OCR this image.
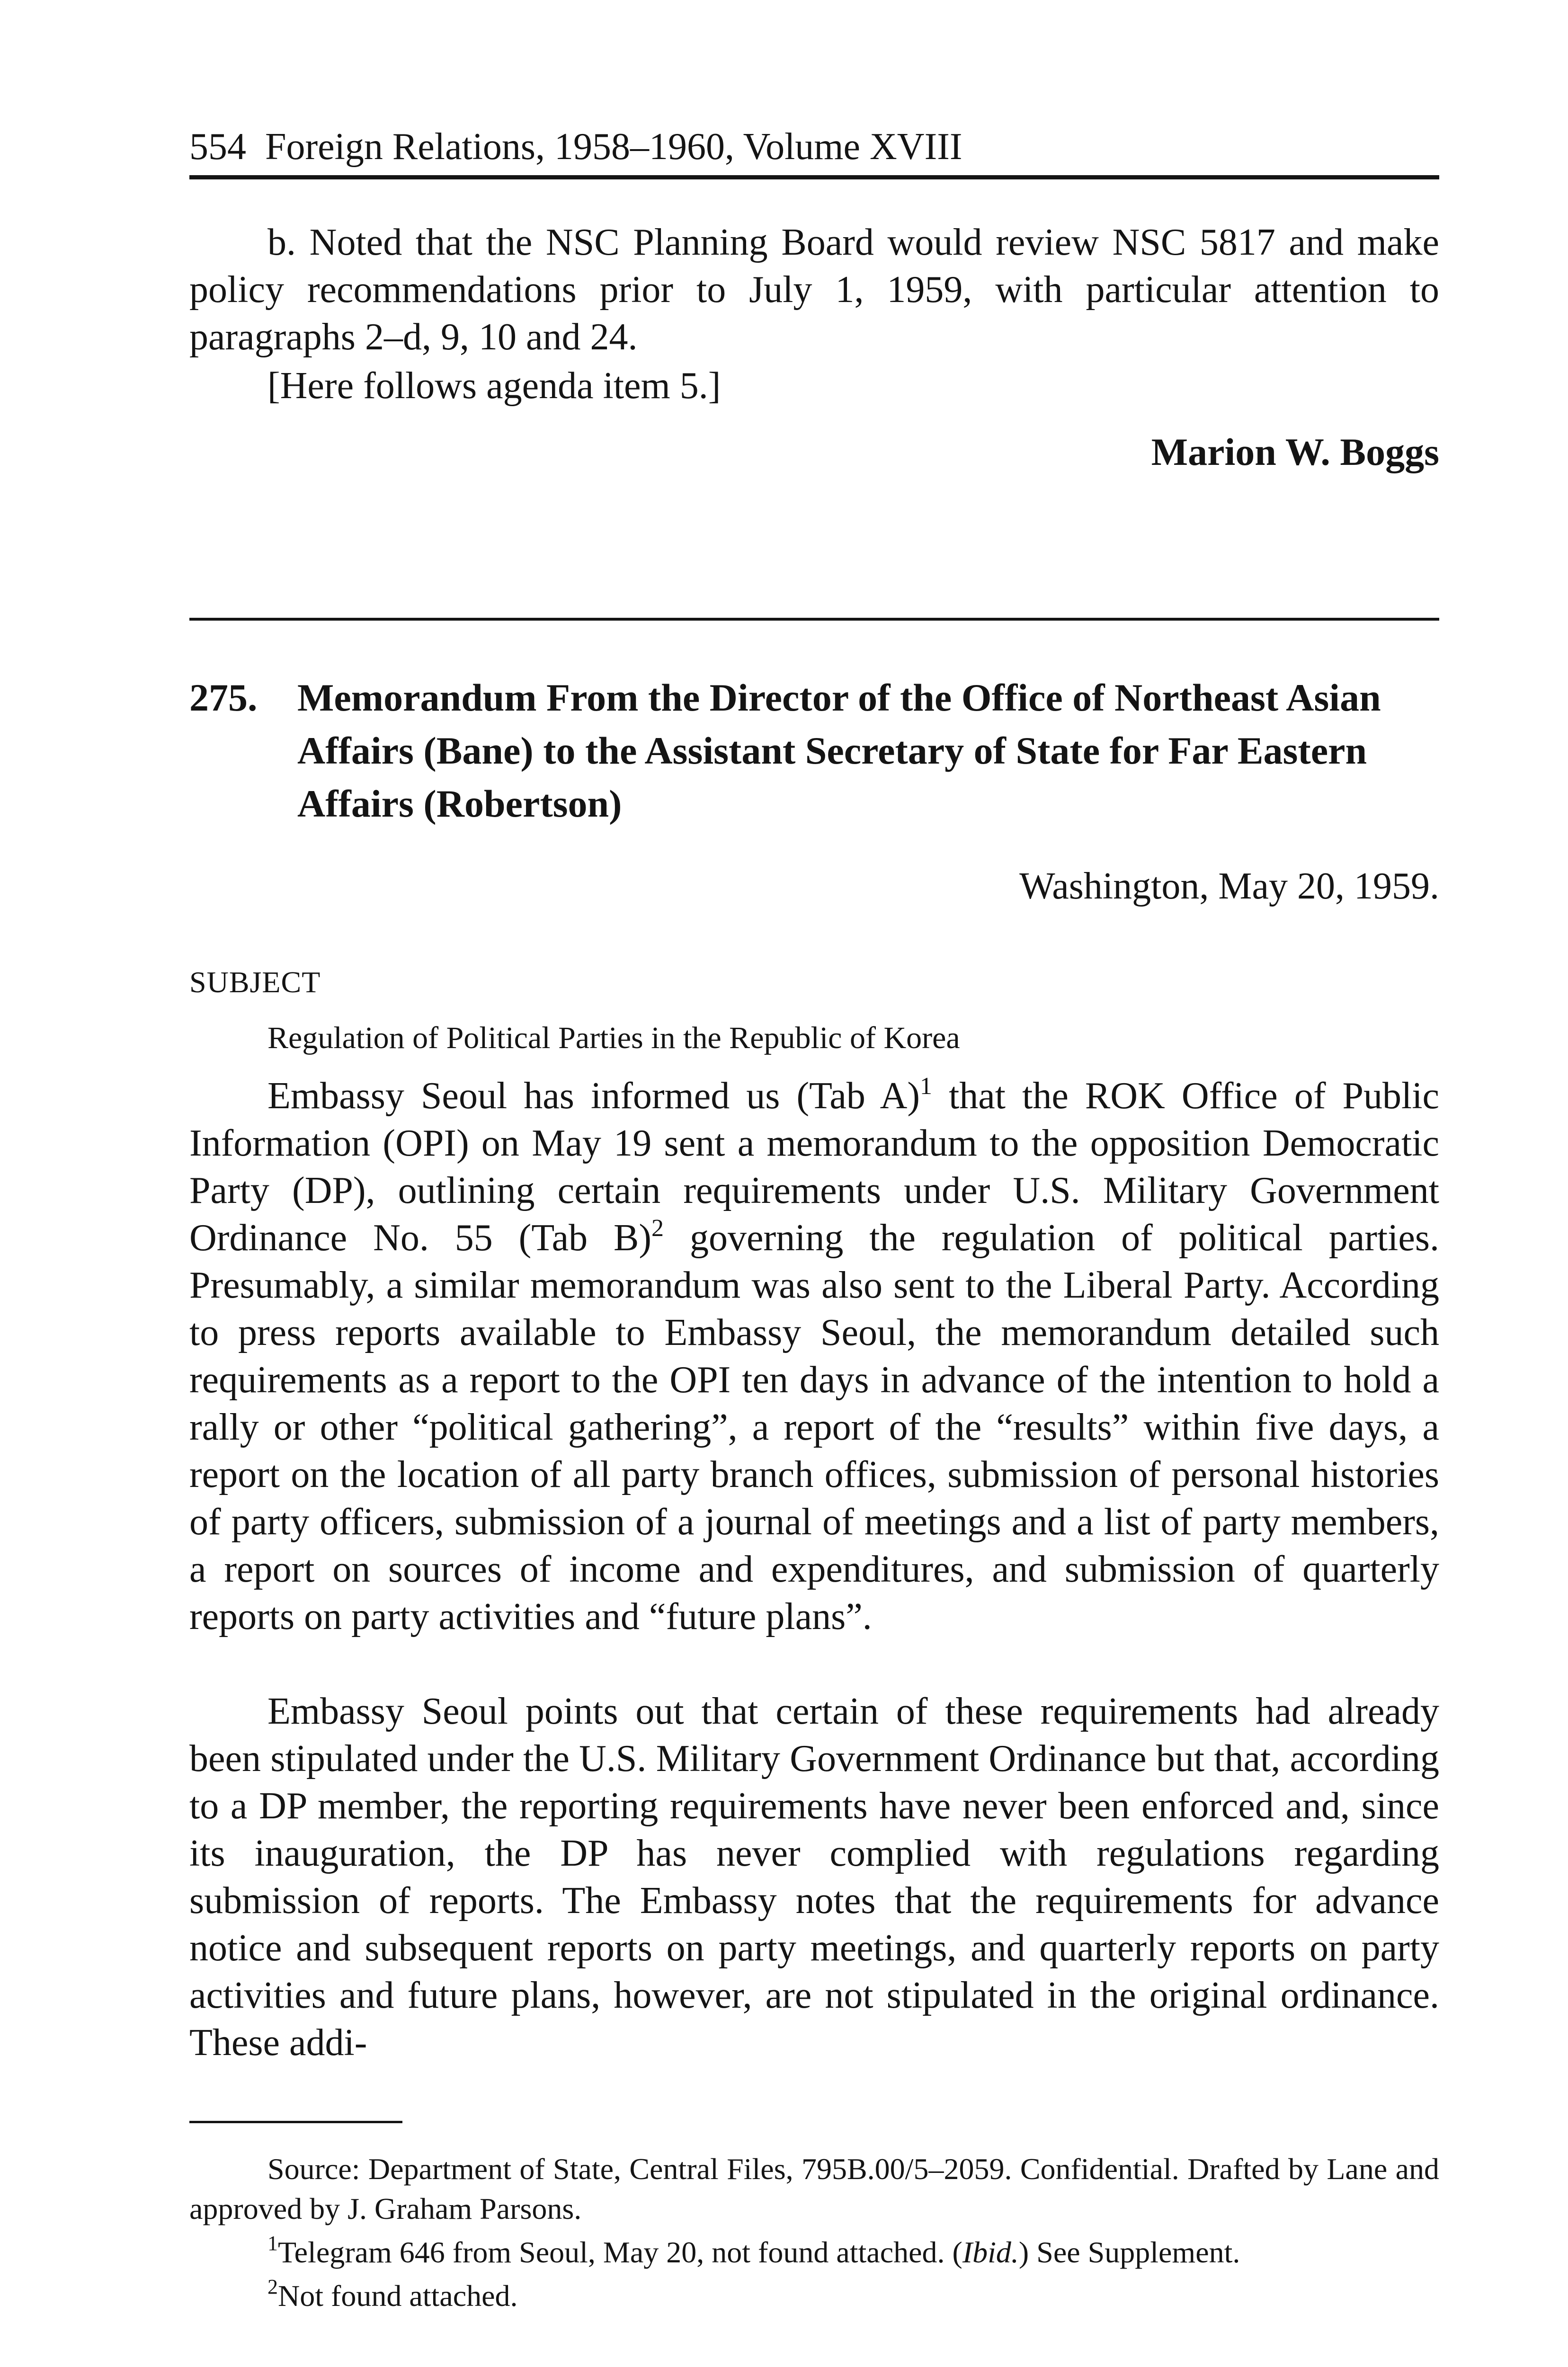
554 Foreign Relations, 1958–1960, Volume XVIII

b. Noted that the NSC Planning Board would review NSC 5817 and make policy recommendations prior to July 1, 1959, with particular attention to paragraphs 2–d, 9, 10 and 24.

[Here follows agenda item 5.]
Marion W. Boggs
275. Memorandum From the Director of the Office of Northeast Asian Affairs (Bane) to the Assistant Secretary of State for Far Eastern Affairs (Robertson)

Washington, May 20, 1959.
SUBJECT
Regulation of Political Parties in the Republic of Korea

Embassy Seoul has informed us (Tab A)$^1$ that the ROK Office of Public Information (OPI) on May 19 sent a memorandum to the opposition Democratic Party (DP), outlining certain requirements under U.S. Military Government Ordinance No. 55 (Tab B)$^2$ governing the regulation of political parties. Presumably, a similar memorandum was also sent to the Liberal Party. According to press reports available to Embassy Seoul, the memorandum detailed such requirements as a report to the OPI ten days in advance of the intention to hold a rally or other “political gathering”, a report of the “results” within five days, a report on the location of all party branch offices, submission of personal histories of party officers, submission of a journal of meetings and a list of party members, a report on sources of income and expenditures, and submission of quarterly reports on party activities and “future plans”.

Embassy Seoul points out that certain of these requirements had already been stipulated under the U.S. Military Government Ordinance but that, according to a DP member, the reporting requirements have never been enforced and, since its inauguration, the DP has never complied with regulations regarding submission of reports. The Embassy notes that the requirements for advance notice and subsequent reports on party meetings, and quarterly reports on party activities and future plans, however, are not stipulated in the original ordinance. These addi-

Source: Department of State, Central Files, 795B.00/5–2059. Confidential. Drafted by Lane and approved by J. Graham Parsons.

$^1$Telegram 646 from Seoul, May 20, not found attached. (Ibid.) See Supplement.

$^2$Not found attached.
